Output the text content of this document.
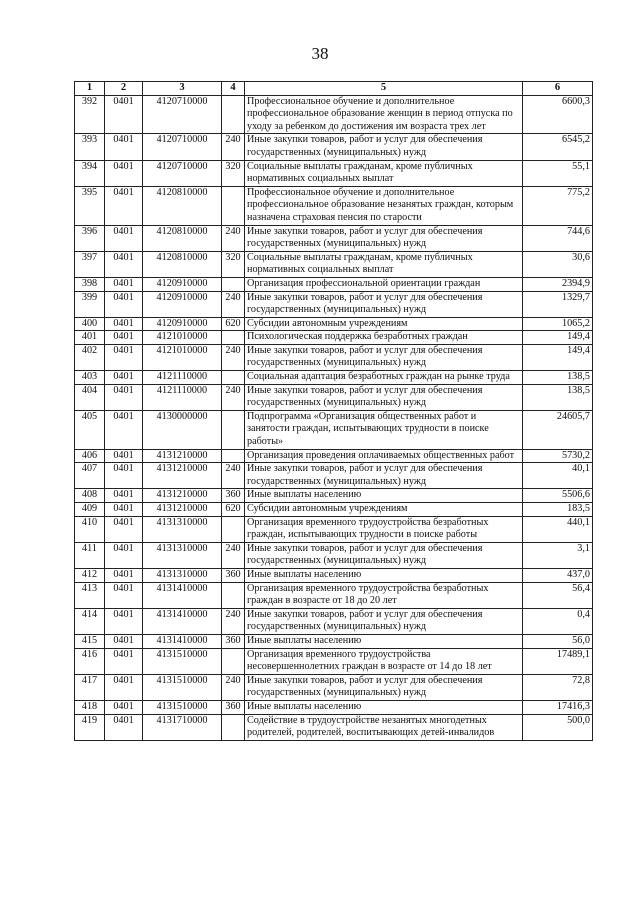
38
1	2	3	4	5	6
392	0401	4120710000		Профессиональное обучение и дополнительное профессиональное образование женщин в период отпуска по уходу за ребенком до достижения им возраста трех лет	6600,3
393	0401	4120710000	240	Иные закупки товаров, работ и услуг для обеспечения государственных (муниципальных) нужд	6545,2
394	0401	4120710000	320	Социальные выплаты гражданам, кроме публичных нормативных социальных выплат	55,1
395	0401	4120810000		Профессиональное обучение и дополнительное профессиональное образование незанятых граждан, которым назначена страховая пенсия по старости	775,2
396	0401	4120810000	240	Иные закупки товаров, работ и услуг для обеспечения государственных (муниципальных) нужд	744,6
397	0401	4120810000	320	Социальные выплаты гражданам, кроме публичных нормативных социальных выплат	30,6
398	0401	4120910000		Организация профессиональной ориентации граждан	2394,9
399	0401	4120910000	240	Иные закупки товаров, работ и услуг для обеспечения государственных (муниципальных) нужд	1329,7
400	0401	4120910000	620	Субсидии автономным учреждениям	1065,2
401	0401	4121010000		Психологическая поддержка безработных граждан	149,4
402	0401	4121010000	240	Иные закупки товаров, работ и услуг для обеспечения государственных (муниципальных) нужд	149,4
403	0401	4121110000		Социальная адаптация безработных граждан на рынке труда	138,5
404	0401	4121110000	240	Иные закупки товаров, работ и услуг для обеспечения государственных (муниципальных) нужд	138,5
405	0401	4130000000		Подпрограмма «Организация общественных работ и занятости граждан, испытывающих трудности в поиске работы»	24605,7
406	0401	4131210000		Организация проведения оплачиваемых общественных работ	5730,2
407	0401	4131210000	240	Иные закупки товаров, работ и услуг для обеспечения государственных (муниципальных) нужд	40,1
408	0401	4131210000	360	Иные выплаты населению	5506,6
409	0401	4131210000	620	Субсидии автономным учреждениям	183,5
410	0401	4131310000		Организация временного трудоустройства безработных граждан, испытывающих трудности в поиске работы	440,1
411	0401	4131310000	240	Иные закупки товаров, работ и услуг для обеспечения государственных (муниципальных) нужд	3,1
412	0401	4131310000	360	Иные выплаты населению	437,0
413	0401	4131410000		Организация временного трудоустройства безработных граждан в возрасте от 18 до 20 лет	56,4
414	0401	4131410000	240	Иные закупки товаров, работ и услуг для обеспечения государственных (муниципальных) нужд	0,4
415	0401	4131410000	360	Иные выплаты населению	56,0
416	0401	4131510000		Организация временного трудоустройства несовершеннолетних граждан в возрасте от 14 до 18 лет	17489,1
417	0401	4131510000	240	Иные закупки товаров, работ и услуг для обеспечения государственных (муниципальных) нужд	72,8
418	0401	4131510000	360	Иные выплаты населению	17416,3
419	0401	4131710000		Содействие в трудоустройстве незанятых многодетных родителей, родителей, воспитывающих детей-инвалидов	500,0
